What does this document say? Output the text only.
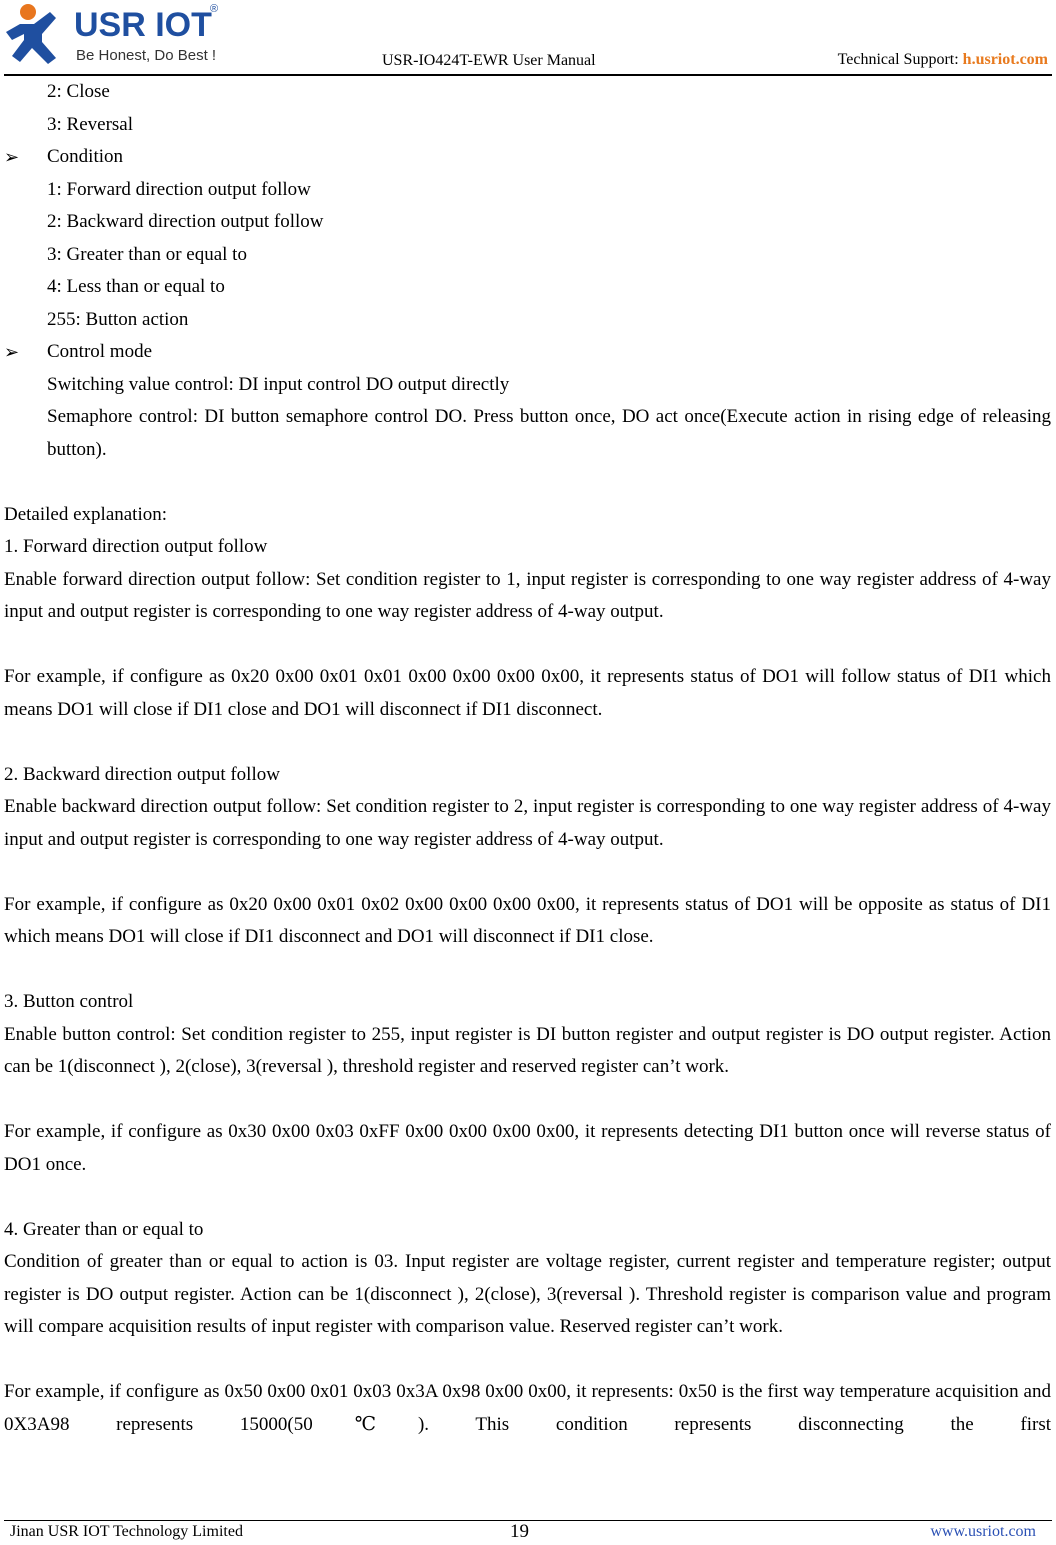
USR IOT
®
Be Honest, Do Best !	USR-IO424T-EWR User Manual	Technical Support: h.usriot.com

2: Close

3: Reversal

➢ Condition

1: Forward direction output follow

2: Backward direction output follow

3: Greater than or equal to

4: Less than or equal to

255: Button action

➢ Control mode

Switching value control: DI input control DO output directly

Semaphore control: DI button semaphore control DO. Press button once, DO act once(Execute action in rising edge of releasing button).

Detailed explanation:

1. Forward direction output follow

Enable forward direction output follow: Set condition register to 1, input register is corresponding to one way register address of 4-way input and output register is corresponding to one way register address of 4-way output.

For example, if configure as 0x20 0x00 0x01 0x01 0x00 0x00 0x00 0x00, it represents status of DO1 will follow status of DI1 which means DO1 will close if DI1 close and DO1 will disconnect if DI1 disconnect.

2. Backward direction output follow

Enable backward direction output follow: Set condition register to 2, input register is corresponding to one way register address of 4-way input and output register is corresponding to one way register address of 4-way output.

For example, if configure as 0x20 0x00 0x01 0x02 0x00 0x00 0x00 0x00, it represents status of DO1 will be opposite as status of DI1 which means DO1 will close if DI1 disconnect and DO1 will disconnect if DI1 close.

3. Button control

Enable button control: Set condition register to 255, input register is DI button register and output register is DO output register. Action can be 1(disconnect ), 2(close), 3(reversal ), threshold register and reserved register can’t work.

For example, if configure as 0x30 0x00 0x03 0xFF 0x00 0x00 0x00 0x00, it represents detecting DI1 button once will reverse status of DO1 once.

4. Greater than or equal to

Condition of greater than or equal to action is 03. Input register are voltage register, current register and temperature register; output register is DO output register. Action can be 1(disconnect ), 2(close), 3(reversal ). Threshold register is comparison value and program will compare acquisition results of input register with comparison value. Reserved register can’t work.

For example, if configure as 0x50 0x00 0x01 0x03 0x3A 0x98 0x00 0x00, it represents: 0x50 is the first way temperature acquisition and 0X3A98 represents 15000(50℃). This condition represents disconnecting the first

Jinan USR IOT Technology Limited	19	www.usriot.com
